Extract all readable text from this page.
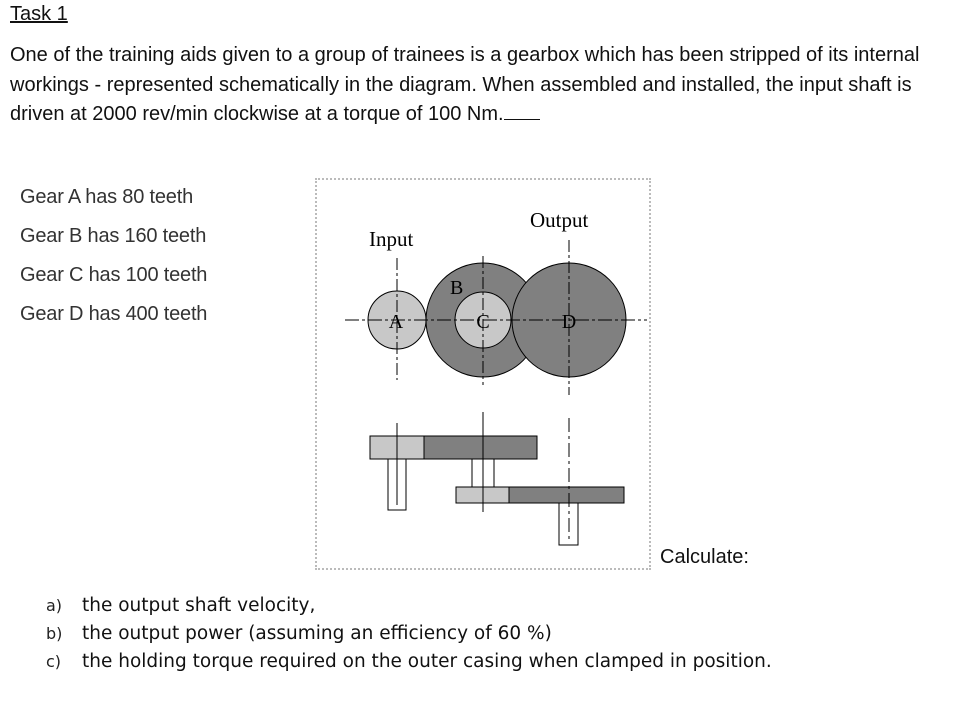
Task 1
One of the training aids given to a group of trainees is a gearbox which has been stripped of its internal workings - represented schematically in the diagram. When assembled and installed, the input shaft is driven at 2000 rev/min clockwise at a torque of 100 Nm.
Gear A has 80 teeth
Gear B has 160 teeth
Gear C has 100 teeth
Gear D has 400 teeth
Input
Output
B
A	C	D
Calculate:
a)	the output shaft velocity,
b)	the output power (assuming an efficiency of 60 %)
c)	the holding torque required on the outer casing when clamped in position.
